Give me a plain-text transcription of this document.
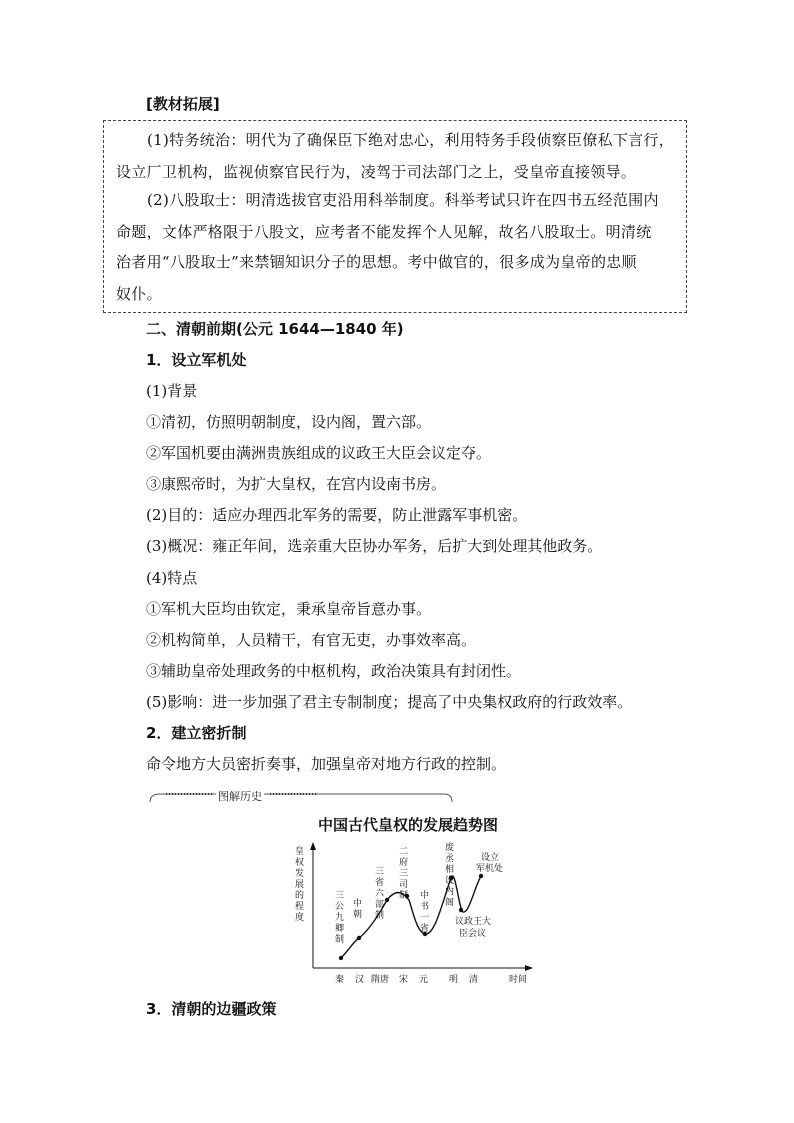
[教材拓展]
(1)特务统治：明代为了确保臣下绝对忠心，利用特务手段侦察臣僚私下言行，
设立厂卫机构，监视侦察官民行为，凌驾于司法部门之上，受皇帝直接领导。
(2)八股取士：明清选拔官吏沿用科举制度。科举考试只许在四书五经范围内
命题，文体严格限于八股文，应考者不能发挥个人见解，故名八股取士。明清统
治者用“八股取士”来禁锢知识分子的思想。考中做官的，很多成为皇帝的忠顺
奴仆。
二、清朝前期(公元 1644—1840 年)
1．设立军机处
(1)背景
①清初，仿照明朝制度，设内阁，置六部。
②军国机要由满洲贵族组成的议政王大臣会议定夺。
③康熙帝时，为扩大皇权，在宫内设南书房。
(2)目的：适应办理西北军务的需要，防止泄露军事机密。
(3)概况：雍正年间，选亲重大臣协办军务，后扩大到处理其他政务。
(4)特点
①军机大臣均由钦定，秉承皇帝旨意办事。
②机构简单，人员精干，有官无吏，办事效率高。
③辅助皇帝处理政务的中枢机构，政治决策具有封闭性。
(5)影响：进一步加强了君主专制制度；提高了中央集权政府的行政效率。
2．建立密折制
命令地方大员密折奏事，加强皇帝对地方行政的控制。
图解历史
中国古代皇权的发展趋势图
皇权发展的程度
三公九卿制
中朝
三省六部制
二府三司制 中书一省
废丞相设内阁
议政王大臣会议
设立军机处
秦 汉 隋唐 宋 元 明 清	时间
3．清朝的边疆政策
